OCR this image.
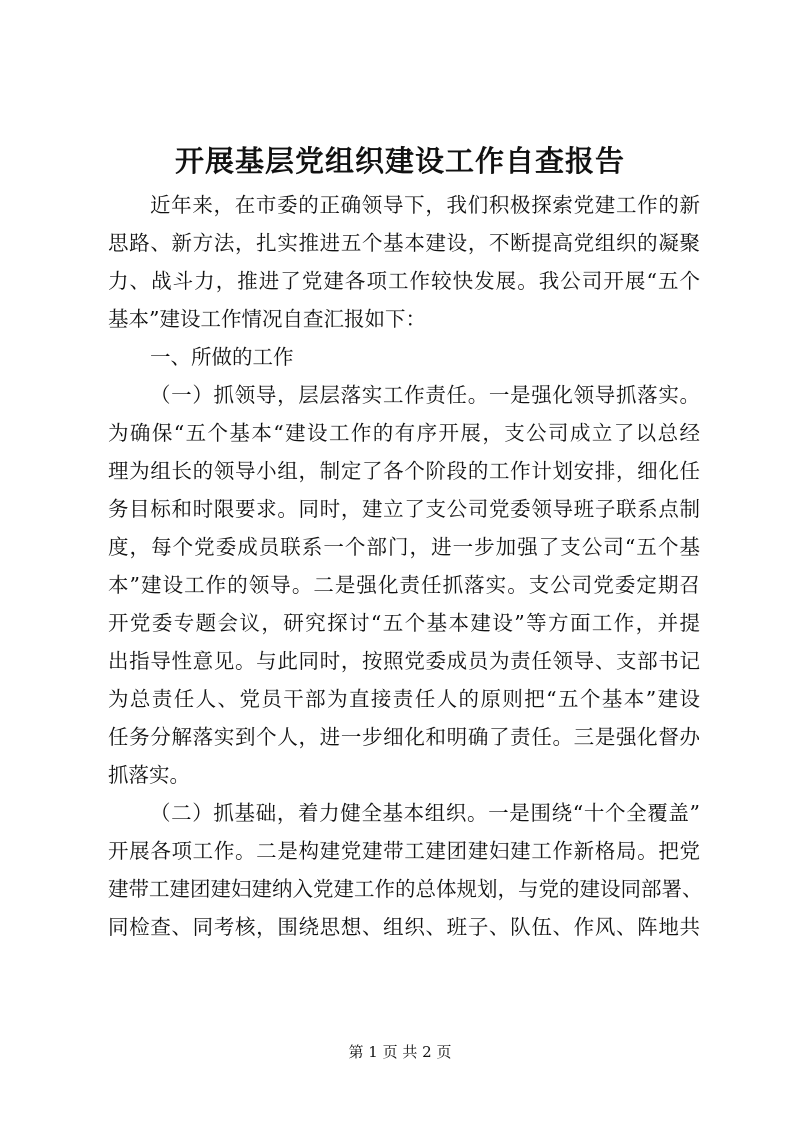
开展基层党组织建设工作自查报告
近年来，在市委的正确领导下，我们积极探索党建工作的新
思路、新方法，扎实推进五个基本建设，不断提高党组织的凝聚
力、战斗力，推进了党建各项工作较快发展。我公司开展“五个
基本”建设工作情况自查汇报如下：
一、所做的工作
（一）抓领导，层层落实工作责任。一是强化领导抓落实。
为确保“五个基本“建设工作的有序开展，支公司成立了以总经
理为组长的领导小组，制定了各个阶段的工作计划安排，细化任
务目标和时限要求。同时，建立了支公司党委领导班子联系点制
度，每个党委成员联系一个部门，进一步加强了支公司“五个基
本”建设工作的领导。二是强化责任抓落实。支公司党委定期召
开党委专题会议，研究探讨“五个基本建设”等方面工作，并提
出指导性意见。与此同时，按照党委成员为责任领导、支部书记
为总责任人、党员干部为直接责任人的原则把“五个基本”建设
任务分解落实到个人，进一步细化和明确了责任。三是强化督办
抓落实。
（二）抓基础，着力健全基本组织。一是围绕“十个全覆盖”
开展各项工作。二是构建党建带工建团建妇建工作新格局。把党
建带工建团建妇建纳入党建工作的总体规划，与党的建设同部署、
同检查、同考核，围绕思想、组织、班子、队伍、作风、阵地共
第 1 页 共 2 页
